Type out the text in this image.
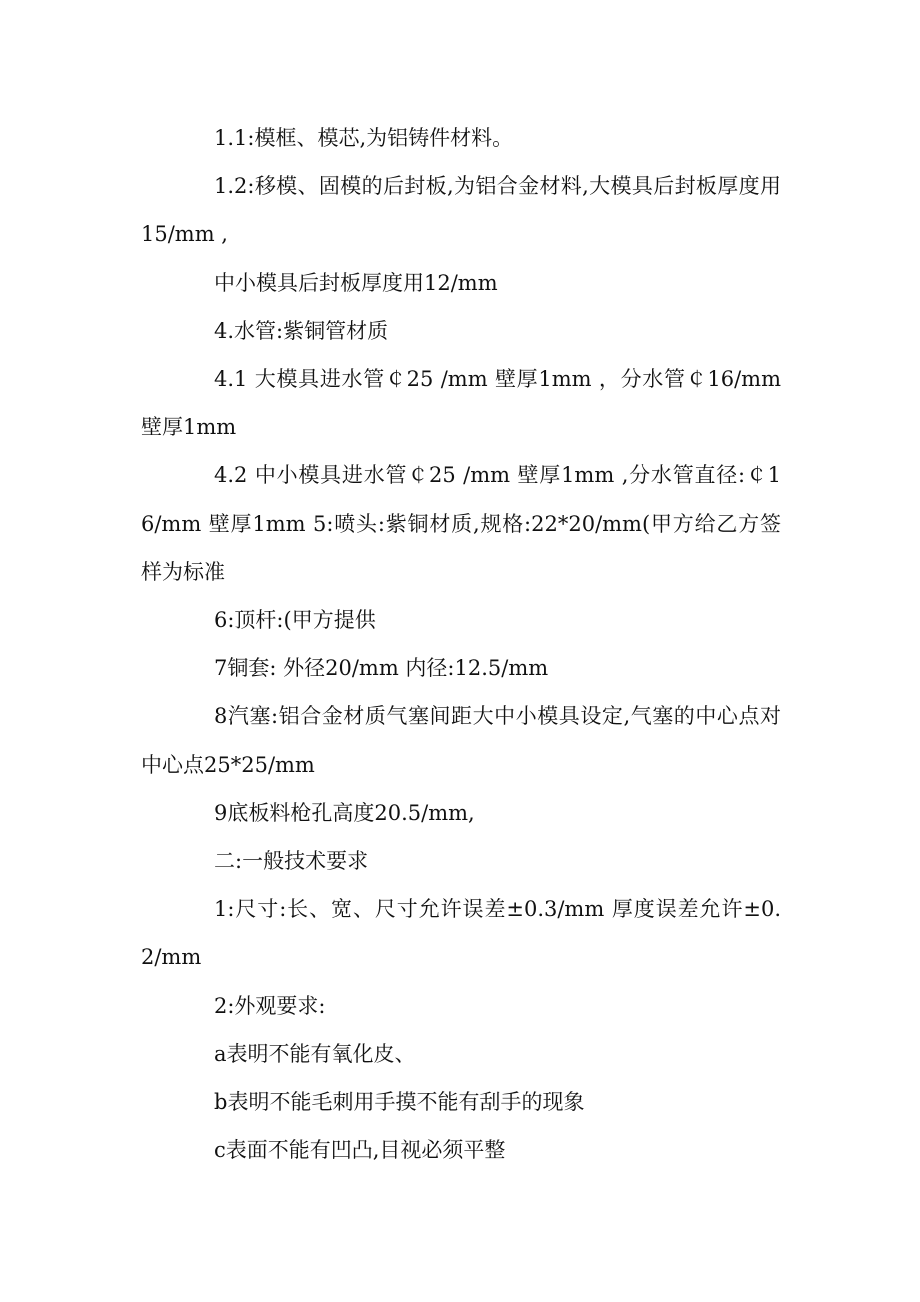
1.1:模框、模芯,为铝铸件材料。

1.2:移模、固模的后封板,为铝合金材料,大模具后封板厚度用15/mm ,

中小模具后封板厚度用12/mm

4.水管:紫铜管材质

4.1 大模具进水管￠25 /mm 壁厚1mm ，分水管￠16/mm 壁厚1mm

4.2 中小模具进水管￠25 /mm 壁厚1mm ,分水管直径:￠16/mm 壁厚1mm 5:喷头:紫铜材质,规格:22*20/mm(甲方给乙方签样为标准

6:顶杆:(甲方提供

7铜套: 外径20/mm 内径:12.5/mm

8汽塞:铝合金材质气塞间距大中小模具设定,气塞的中心点对中心点25*25/mm

9底板料枪孔高度20.5/mm,

二:一般技术要求

1:尺寸:长、宽、尺寸允许误差±0.3/mm 厚度误差允许±0.2/mm

2:外观要求:

a表明不能有氧化皮、

b表明不能毛刺用手摸不能有刮手的现象

c表面不能有凹凸,目视必须平整
